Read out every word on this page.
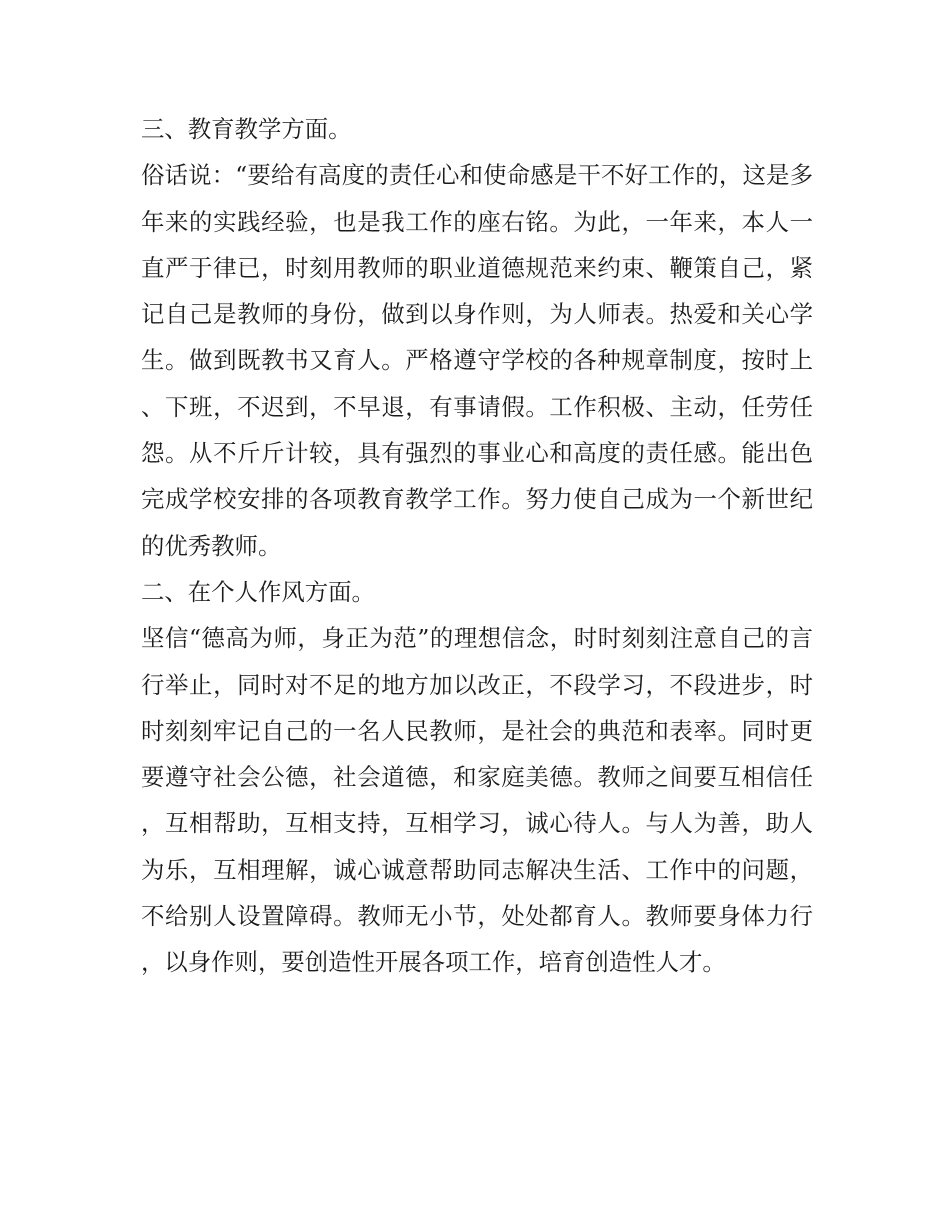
三、教育教学方面。

俗话说：“要给有高度的责任心和使命感是干不好工作的，这是多年来的实践经验，也是我工作的座右铭。为此，一年来，本人一直严于律已，时刻用教师的职业道德规范来约束、鞭策自己，紧记自己是教师的身份，做到以身作则，为人师表。热爱和关心学生。做到既教书又育人。严格遵守学校的各种规章制度，按时上、下班，不迟到，不早退，有事请假。工作积极、主动，任劳任怨。从不斤斤计较，具有强烈的事业心和高度的责任感。能出色完成学校安排的各项教育教学工作。努力使自己成为一个新世纪的优秀教师。

二、在个人作风方面。

坚信“德高为师，身正为范”的理想信念，时时刻刻注意自己的言行举止，同时对不足的地方加以改正，不段学习，不段进步，时时刻刻牢记自己的一名人民教师，是社会的典范和表率。同时更要遵守社会公德，社会道德，和家庭美德。教师之间要互相信任，互相帮助，互相支持，互相学习，诚心待人。与人为善，助人为乐，互相理解，诚心诚意帮助同志解决生活、工作中的问题，不给别人设置障碍。教师无小节，处处都育人。教师要身体力行，以身作则，要创造性开展各项工作，培育创造性人才。
